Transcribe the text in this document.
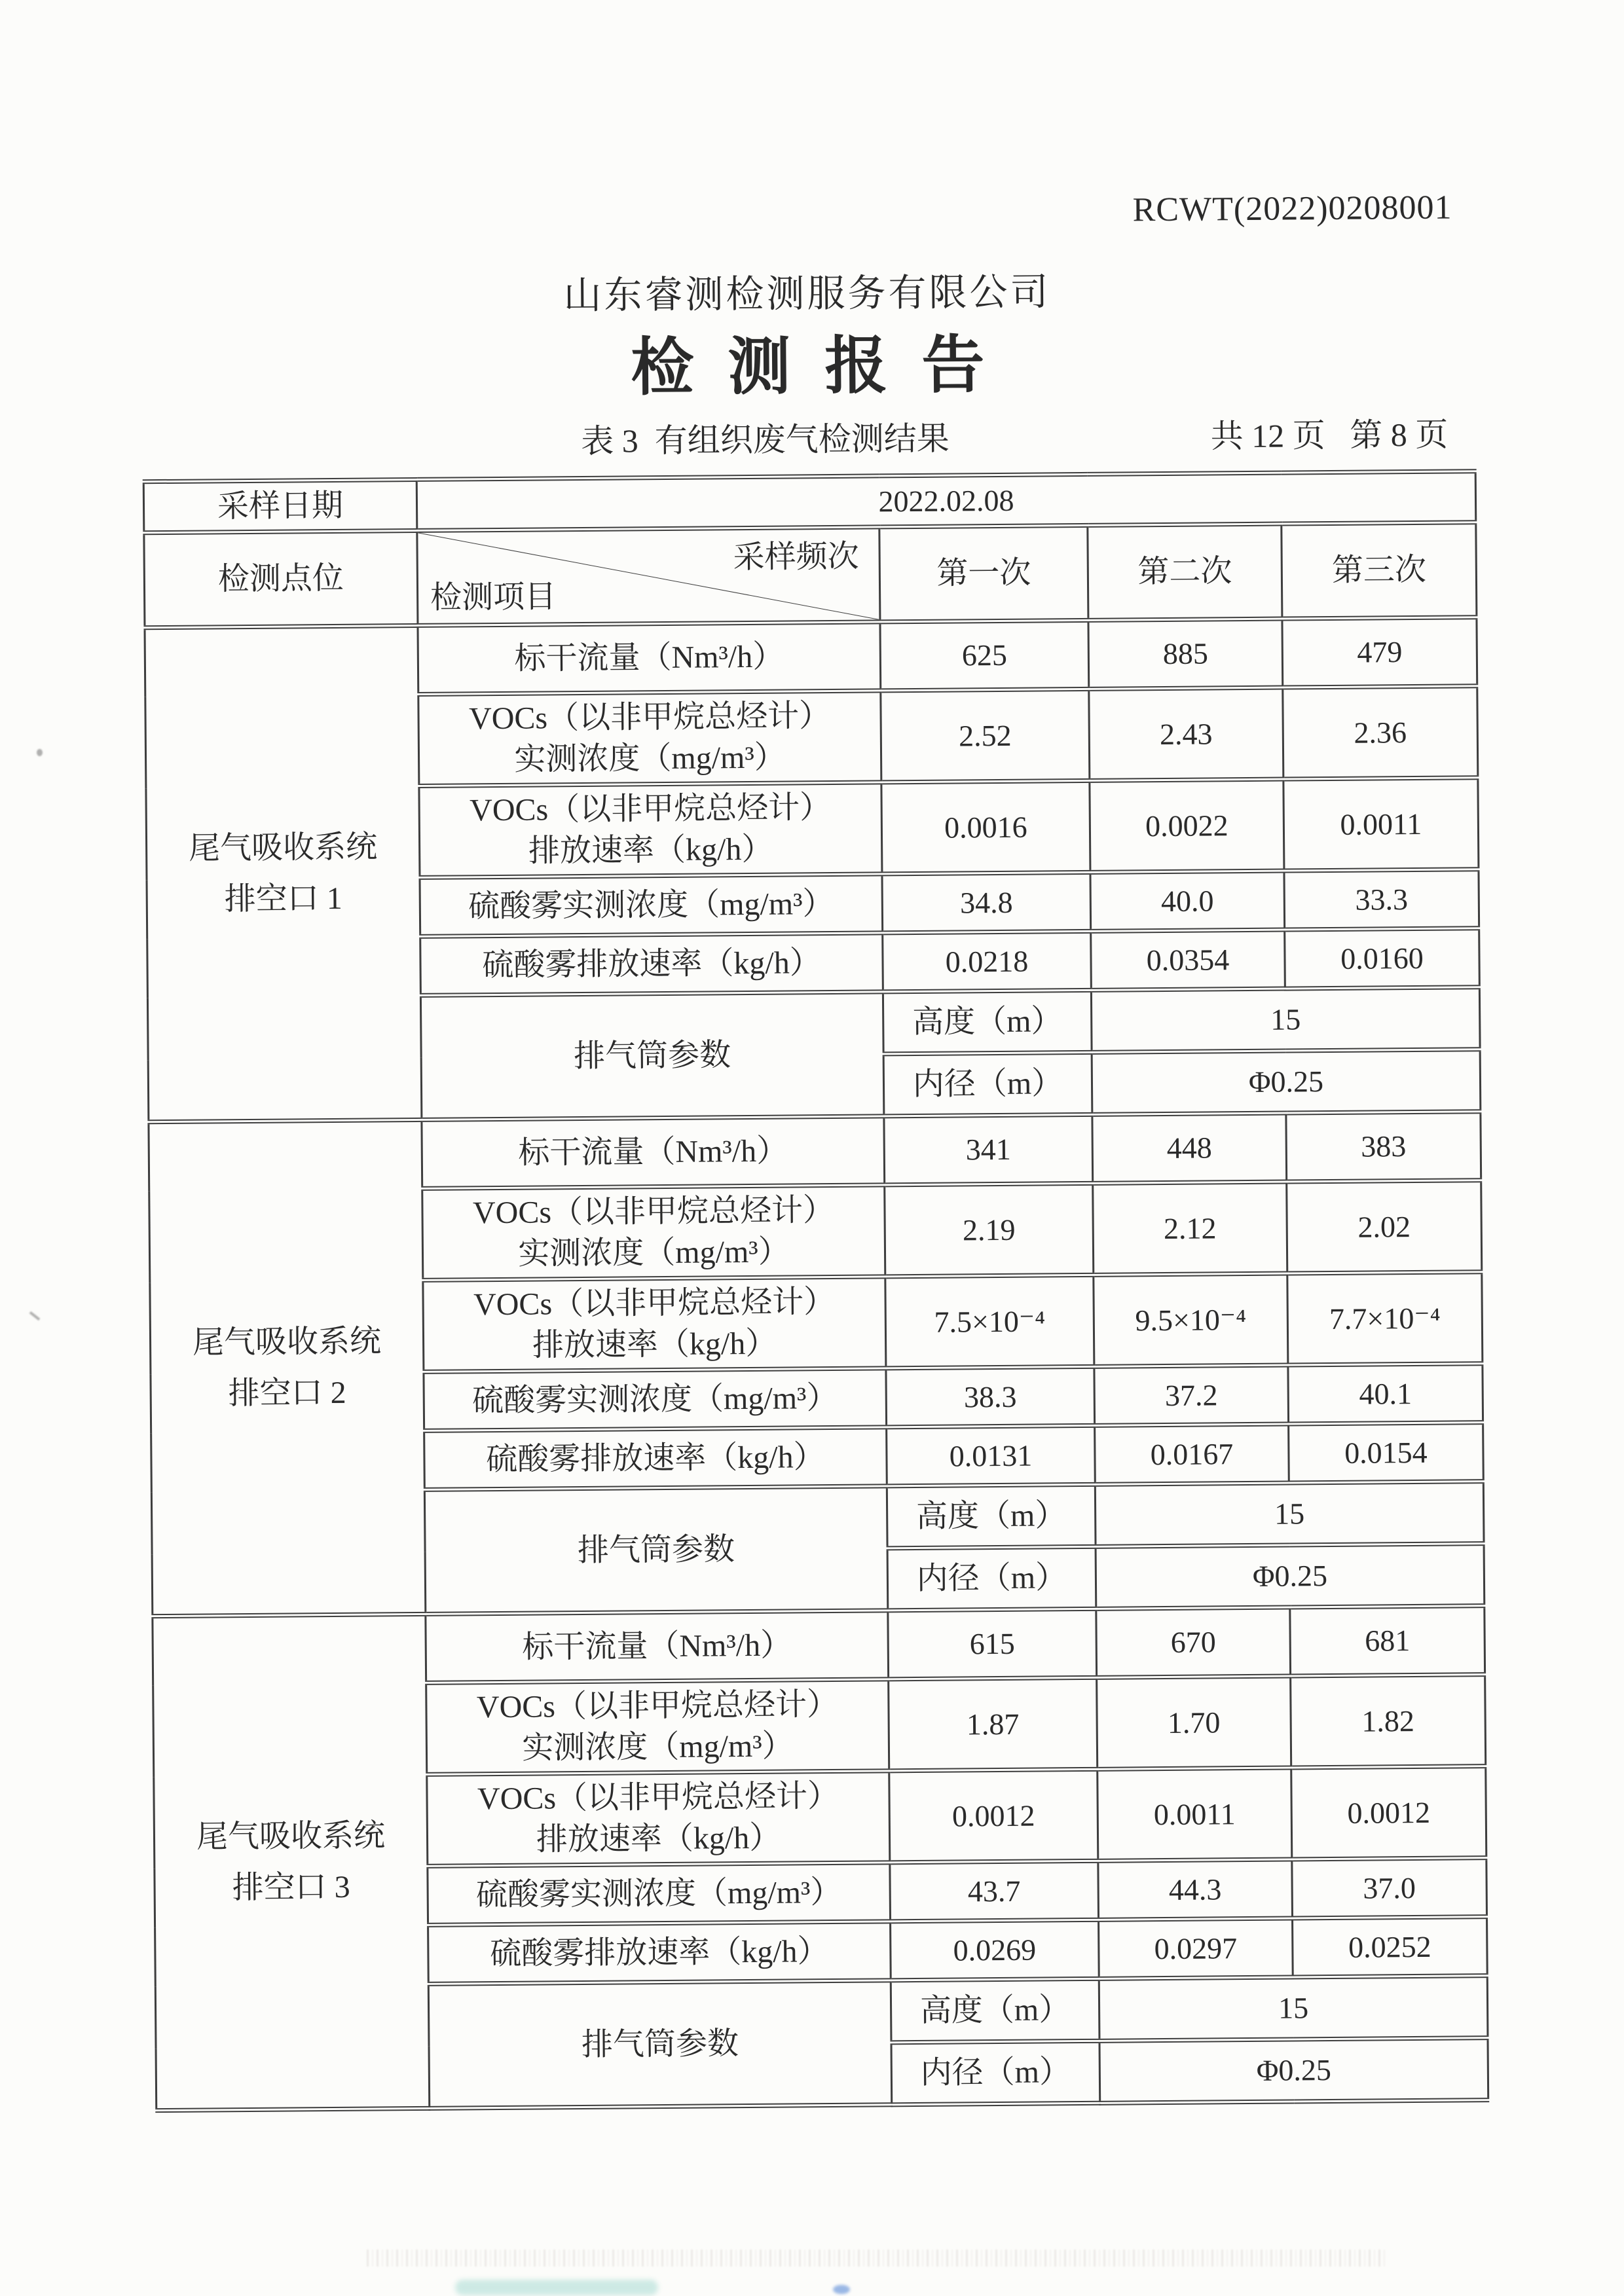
RCWT(2022)0208001
山东睿测检测服务有限公司
检测报告
表 3  有组织废气检测结果	共 12 页   第 8 页
采样日期	2022.02.08			
检测点位	采样频次
检测项目	第一次	第二次	第三次

尾气吸收系统
排空口 1	标干流量（Nm³/h）	625	885	479

	VOCs（以非甲烷总烃计）
实测浓度（mg/m³）	2.52	2.43	2.36

	VOCs（以非甲烷总烃计）
排放速率（kg/h）	0.0016	0.0022	0.0011
	硫酸雾实测浓度（mg/m³）	34.8	40.0	33.3
	硫酸雾排放速率（kg/h）	0.0218	0.0354	0.0160
	排气筒参数	高度（m）	15	
		内径（m）	Φ0.25	

尾气吸收系统
排空口 2	标干流量（Nm³/h）	341	448	383

	VOCs（以非甲烷总烃计）
实测浓度（mg/m³）	2.19	2.12	2.02

	VOCs（以非甲烷总烃计）
排放速率（kg/h）	7.5×10⁻⁴	9.5×10⁻⁴	7.7×10⁻⁴
	硫酸雾实测浓度（mg/m³）	38.3	37.2	40.1
	硫酸雾排放速率（kg/h）	0.0131	0.0167	0.0154
	排气筒参数	高度（m）	15	
		内径（m）	Φ0.25	

尾气吸收系统
排空口 3	标干流量（Nm³/h）	615	670	681

	VOCs（以非甲烷总烃计）
实测浓度（mg/m³）	1.87	1.70	1.82

	VOCs（以非甲烷总烃计）
排放速率（kg/h）	0.0012	0.0011	0.0012
	硫酸雾实测浓度（mg/m³）	43.7	44.3	37.0
	硫酸雾排放速率（kg/h）	0.0269	0.0297	0.0252
	排气筒参数	高度（m）	15	
		内径（m）	Φ0.25	
